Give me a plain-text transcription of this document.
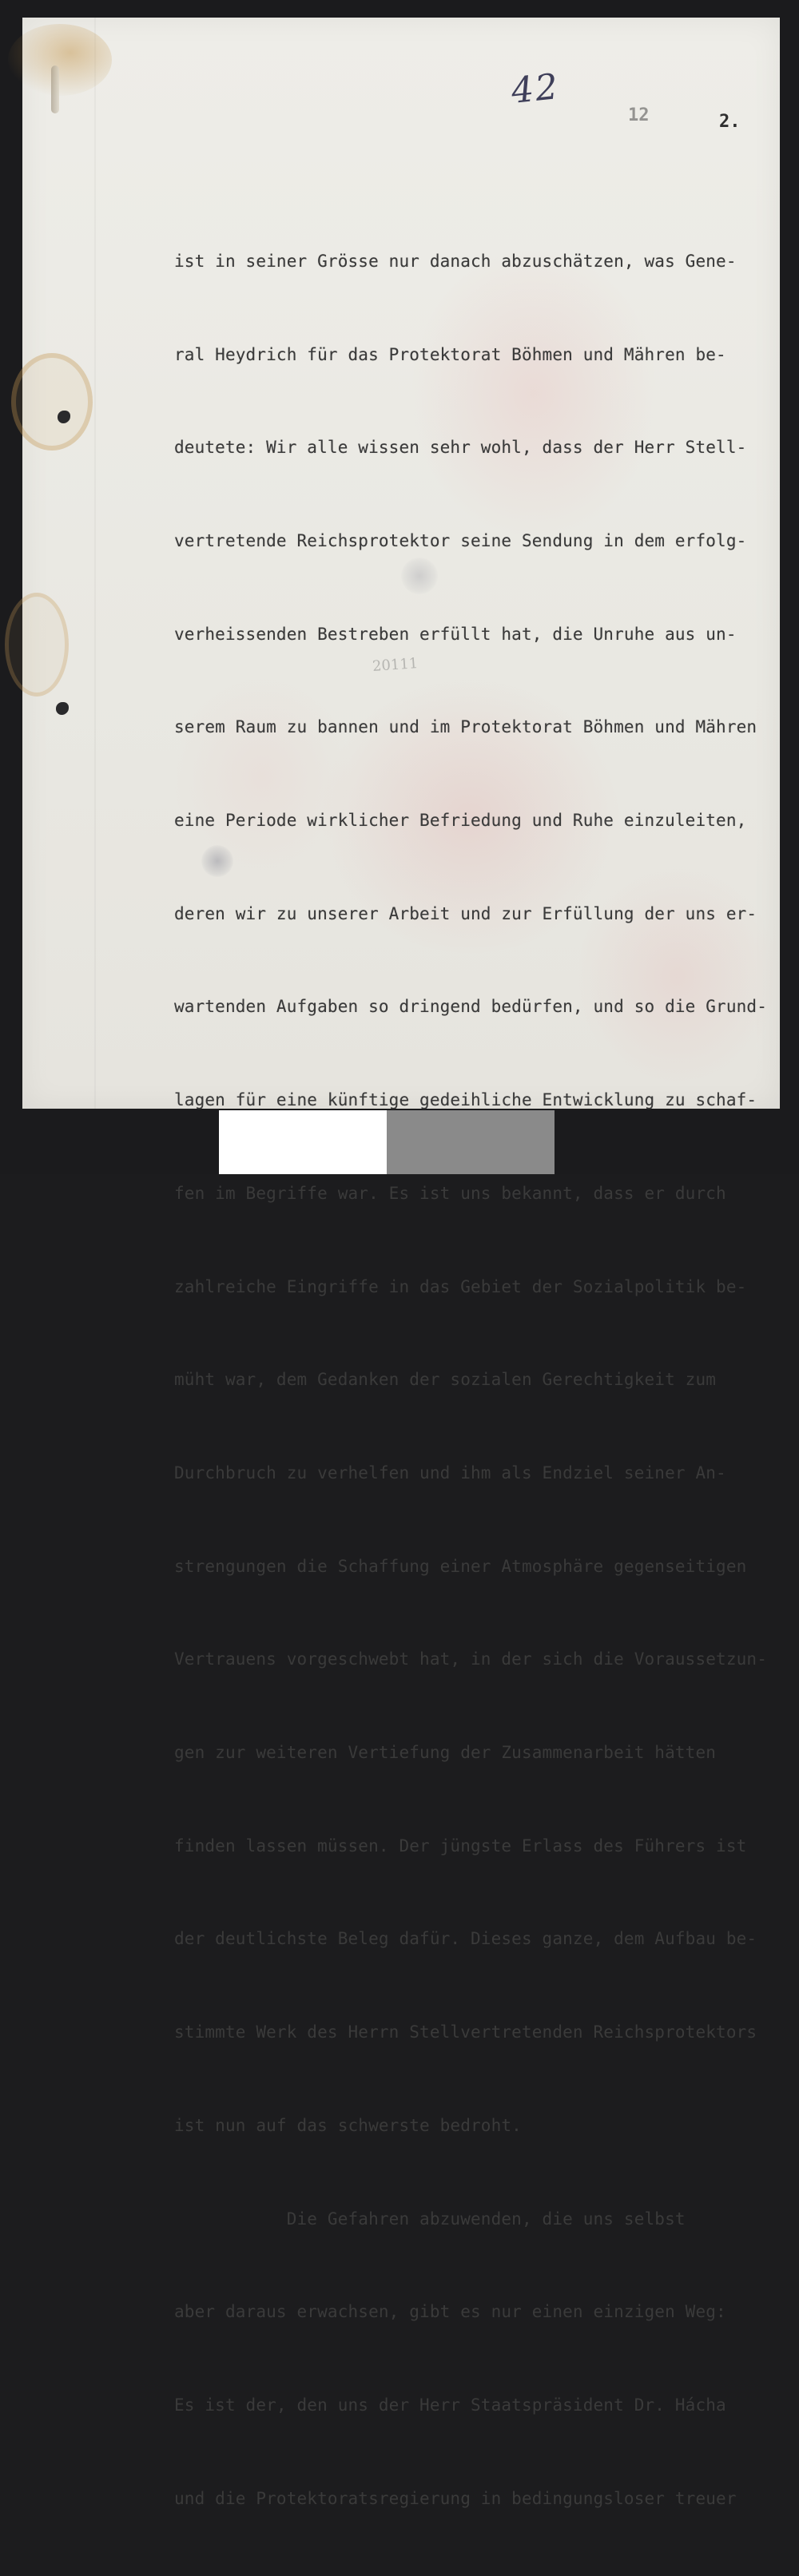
42
12	2.
20111

ist in seiner Grösse nur danach abzuschätzen, was Gene-

ral Heydrich für das Protektorat Böhmen und Mähren be-

deutete: Wir alle wissen sehr wohl, dass der Herr Stell-

vertretende Reichsprotektor seine Sendung in dem erfolg-

verheissenden Bestreben erfüllt hat, die Unruhe aus un-

serem Raum zu bannen und im Protektorat Böhmen und Mähren

eine Periode wirklicher Befriedung und Ruhe einzuleiten,

deren wir zu unserer Arbeit und zur Erfüllung der uns er-

wartenden Aufgaben so dringend bedürfen, und so die Grund-

lagen für eine künftige gedeihliche Entwicklung zu schaf-

fen im Begriffe war. Es ist uns bekannt, dass er durch

zahlreiche Eingriffe in das Gebiet der Sozialpolitik be-

müht war, dem Gedanken der sozialen Gerechtigkeit zum

Durchbruch zu verhelfen und ihm als Endziel seiner An-

strengungen die Schaffung einer Atmosphäre gegenseitigen

Vertrauens vorgeschwebt hat, in der sich die Voraussetzun-

gen zur weiteren Vertiefung der Zusammenarbeit hätten

finden lassen müssen. Der jüngste Erlass des Führers ist

der deutlichste Beleg dafür. Dieses ganze, dem Aufbau be-

stimmte Werk des Herrn Stellvertretenden Reichsprotektors

ist nun auf das schwerste bedroht.

Die Gefahren abzuwenden, die uns selbst

aber daraus erwachsen, gibt es nur einen einzigen Weg:

Es ist der, den uns der Herr Staatspräsident Dr. Hácha

und die Protektoratsregierung in bedingungsloser treuer
